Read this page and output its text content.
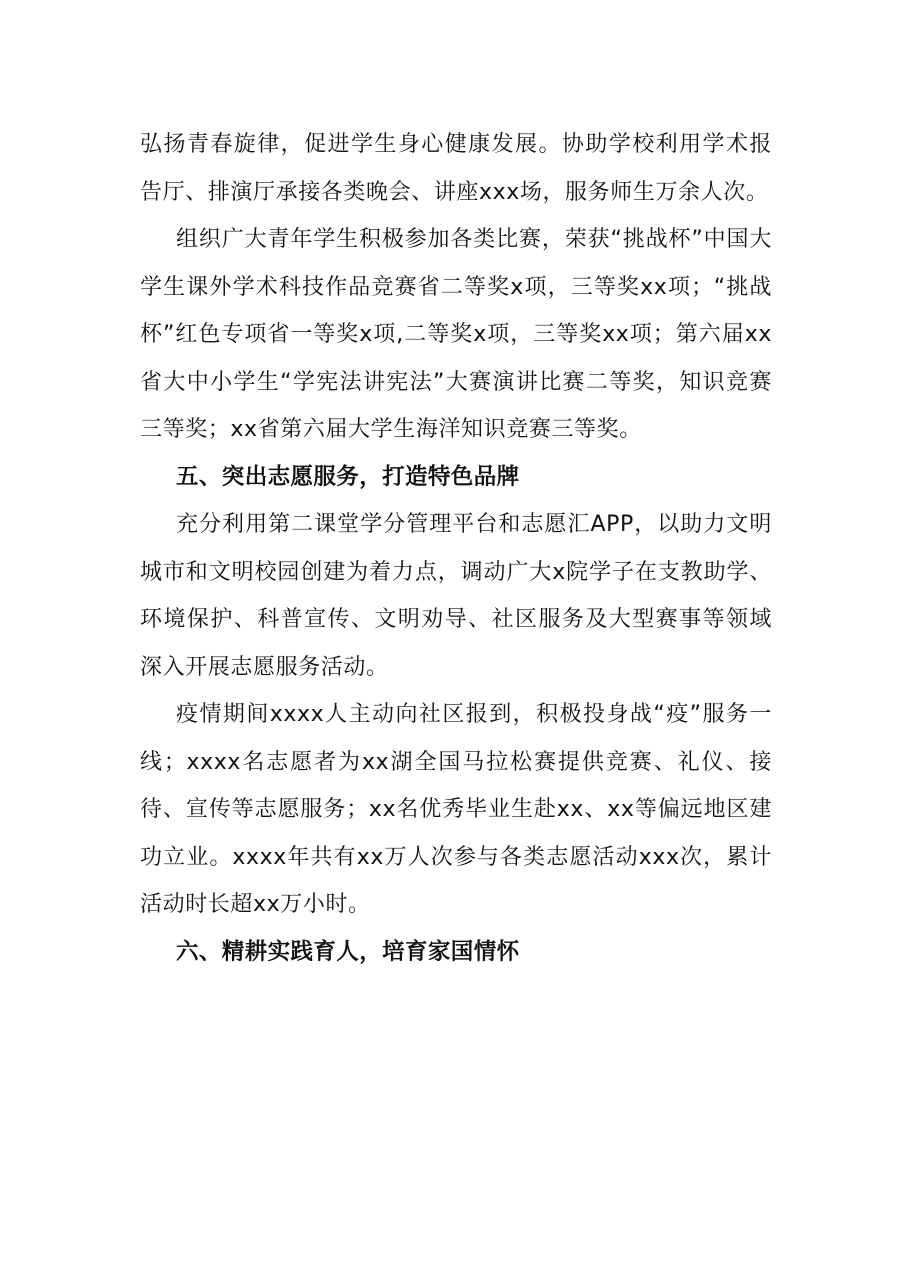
弘扬青春旋律，促进学生身心健康发展。协助学校利用学术报告厅、排演厅承接各类晚会、讲座xxx场，服务师生万余人次。

组织广大青年学生积极参加各类比赛，荣获“挑战杯”中国大学生课外学术科技作品竞赛省二等奖x项，三等奖xx项；“挑战杯”红色专项省一等奖x项,二等奖x项，三等奖xx项；第六届xx省大中小学生“学宪法讲宪法”大赛演讲比赛二等奖，知识竞赛三等奖；xx省第六届大学生海洋知识竞赛三等奖。

五、突出志愿服务，打造特色品牌

充分利用第二课堂学分管理平台和志愿汇APP，以助力文明城市和文明校园创建为着力点，调动广大x院学子在支教助学、环境保护、科普宣传、文明劝导、社区服务及大型赛事等领域深入开展志愿服务活动。

疫情期间xxxx人主动向社区报到，积极投身战“疫”服务一线；xxxx名志愿者为xx湖全国马拉松赛提供竞赛、礼仪、接待、宣传等志愿服务；xx名优秀毕业生赴xx、xx等偏远地区建功立业。xxxx年共有xx万人次参与各类志愿活动xxx次，累计活动时长超xx万小时。

六、精耕实践育人，培育家国情怀
